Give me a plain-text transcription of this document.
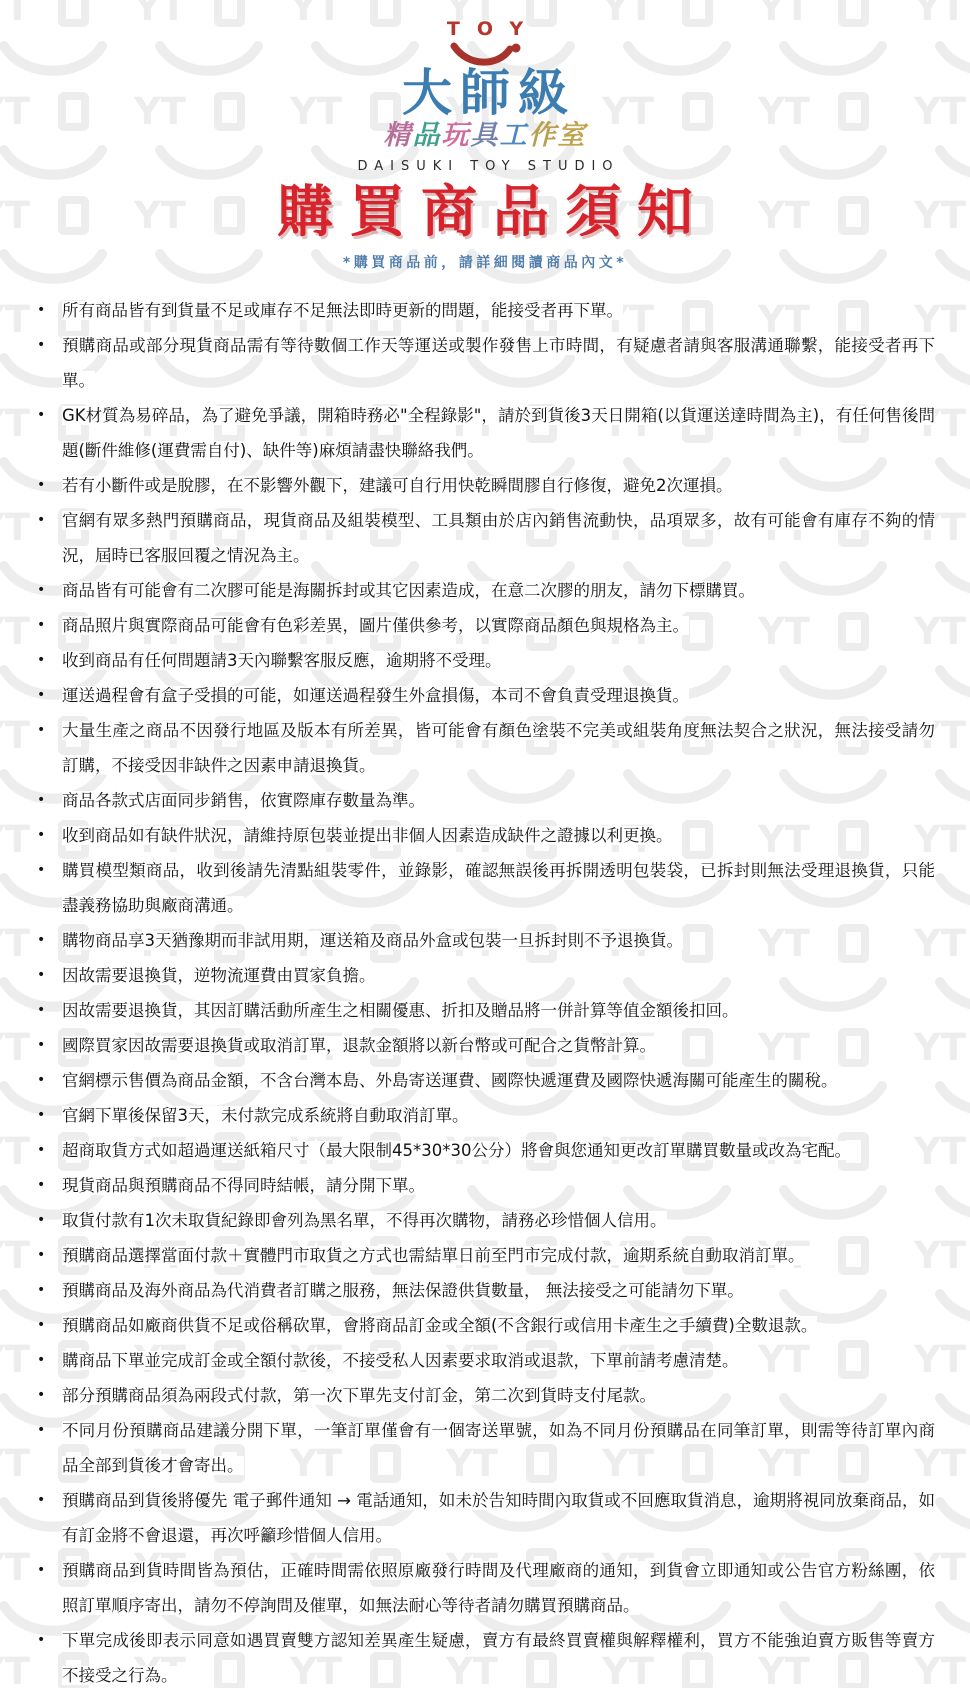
TOY
大師級
精品玩具工作室
DAISUKI TOY STUDIO
購買商品須知
*購買商品前，請詳細閱讀商品內文*
• 所有商品皆有到貨量不足或庫存不足無法即時更新的問題，能接受者再下單。
• 預購商品或部分現貨商品需有等待數個工作天等運送或製作發售上市時間，有疑慮者請與客服溝通聯繫，能接受者再下單。
• GK材質為易碎品，為了避免爭議，開箱時務必"全程錄影"，請於到貨後3天日開箱(以貨運送達時間為主)，有任何售後問題(斷件維修(運費需自付)、缺件等)麻煩請盡快聯絡我們。
• 若有小斷件或是脫膠，在不影響外觀下，建議可自行用快乾瞬間膠自行修復，避免2次運損。
• 官網有眾多熱門預購商品，現貨商品及組裝模型、工具類由於店內銷售流動快，品項眾多，故有可能會有庫存不夠的情況，屆時已客服回覆之情況為主。
• 商品皆有可能會有二次膠可能是海關拆封或其它因素造成，在意二次膠的朋友，請勿下標購買。
• 商品照片與實際商品可能會有色彩差異，圖片僅供參考，以實際商品顏色與規格為主。
• 收到商品有任何問題請3天內聯繫客服反應，逾期將不受理。
• 運送過程會有盒子受損的可能，如運送過程發生外盒損傷，本司不會負責受理退換貨。
• 大量生產之商品不因發行地區及版本有所差異，皆可能會有顏色塗裝不完美或組裝角度無法契合之狀況，無法接受請勿訂購，不接受因非缺件之因素申請退換貨。
• 商品各款式店面同步銷售，依實際庫存數量為準。
• 收到商品如有缺件狀況，請維持原包裝並提出非個人因素造成缺件之證據以利更換。
• 購買模型類商品，收到後請先清點組裝零件，並錄影，確認無誤後再拆開透明包裝袋，已拆封則無法受理退換貨，只能盡義務協助與廠商溝通。
• 購物商品享3天猶豫期而非試用期，運送箱及商品外盒或包裝一旦拆封則不予退換貨。
• 因故需要退換貨，逆物流運費由買家負擔。
• 因故需要退換貨，其因訂購活動所產生之相關優惠、折扣及贈品將一併計算等值金額後扣回。
• 國際買家因故需要退換貨或取消訂單，退款金額將以新台幣或可配合之貨幣計算。
• 官網標示售價為商品金額，不含台灣本島、外島寄送運費、國際快遞運費及國際快遞海關可能產生的關稅。
• 官網下單後保留3天，未付款完成系統將自動取消訂單。
• 超商取貨方式如超過運送紙箱尺寸（最大限制45*30*30公分）將會與您通知更改訂單購買數量或改為宅配。
• 現貨商品與預購商品不得同時結帳，請分開下單。
• 取貨付款有1次未取貨紀錄即會列為黑名單，不得再次購物，請務必珍惜個人信用。
• 預購商品選擇當面付款＋實體門市取貨之方式也需結單日前至門市完成付款，逾期系統自動取消訂單。
• 預購商品及海外商品為代消費者訂購之服務，無法保證供貨數量， 無法接受之可能請勿下單。
• 預購商品如廠商供貨不足或俗稱砍單，會將商品訂金或全額(不含銀行或信用卡產生之手續費)全數退款。
• 購商品下單並完成訂金或全額付款後，不接受私人因素要求取消或退款，下單前請考慮清楚。
• 部分預購商品須為兩段式付款，第一次下單先支付訂金，第二次到貨時支付尾款。
• 不同月份預購商品建議分開下單，一筆訂單僅會有一個寄送單號，如為不同月份預購品在同筆訂單，則需等待訂單內商品全部到貨後才會寄出。
• 預購商品到貨後將優先 電子郵件通知 → 電話通知，如未於告知時間內取貨或不回應取貨消息，逾期將視同放棄商品，如有訂金將不會退還，再次呼籲珍惜個人信用。
• 預購商品到貨時間皆為預估，正確時間需依照原廠發行時間及代理廠商的通知，到貨會立即通知或公告官方粉絲團，依照訂單順序寄出，請勿不停詢問及催單，如無法耐心等待者請勿購買預購商品。
• 下單完成後即表示同意如遇買賣雙方認知差異產生疑慮，賣方有最終買賣權與解釋權利，買方不能強迫賣方販售等賣方不接受之行為。
